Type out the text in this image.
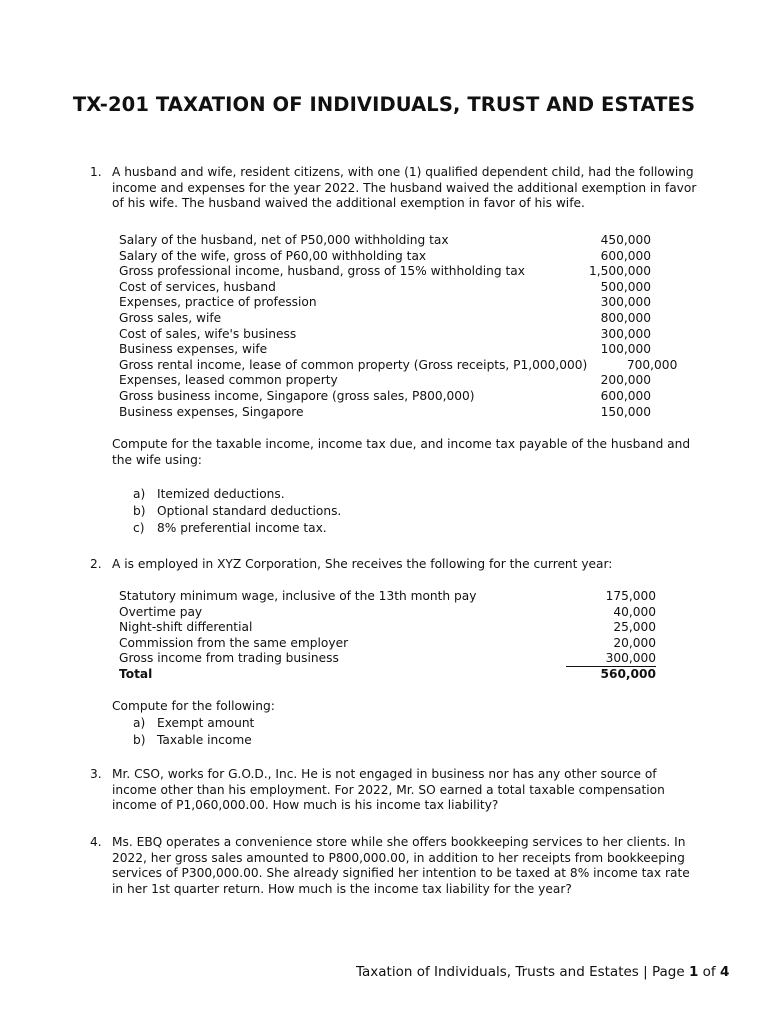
TX-201 TAXATION OF INDIVIDUALS, TRUST AND ESTATES
1. A husband and wife, resident citizens, with one (1) qualified dependent child, had the following income and expenses for the year 2022. The husband waived the additional exemption in favor of his wife. The husband waived the additional exemption in favor of his wife.
Salary of the husband, net of P50,000 withholding tax	450,000
Salary of the wife, gross of P60,00 withholding tax	600,000
Gross professional income, husband, gross of 15% withholding tax	1,500,000
Cost of services, husband	500,000
Expenses, practice of profession	300,000
Gross sales, wife	800,000
Cost of sales, wife's business	300,000
Business expenses, wife	100,000
Gross rental income, lease of common property (Gross receipts, P1,000,000)	700,000
Expenses, leased common property	200,000
Gross business income, Singapore (gross sales, P800,000)	600,000
Business expenses, Singapore	150,000
Compute for the taxable income, income tax due, and income tax payable of the husband and the wife using:
a) Itemized deductions.
b) Optional standard deductions.
c)	8% preferential income tax.
2. A is employed in XYZ Corporation, She receives the following for the current year:
Statutory minimum wage, inclusive of the 13th month pay	175,000
Overtime pay	40,000
Night-shift differential	25,000
Commission from the same employer	20,000
Gross income from trading business	300,000
Total	560,000
Compute for the following:
a) Exempt amount
b) Taxable income
3. Mr. CSO, works for G.O.D., Inc. He is not engaged in business nor has any other source of income other than his employment. For 2022, Mr. SO earned a total taxable compensation income of P1,060,000.00. How much is his income tax liability?
4. Ms. EBQ operates a convenience store while she offers bookkeeping services to her clients. In 2022, her gross sales amounted to P800,000.00, in addition to her receipts from bookkeeping services of P300,000.00. She already signified her intention to be taxed at 8% income tax rate in her 1st quarter return. How much is the income tax liability for the year?
Taxation of Individuals, Trusts and Estates | Page 1 of 4
